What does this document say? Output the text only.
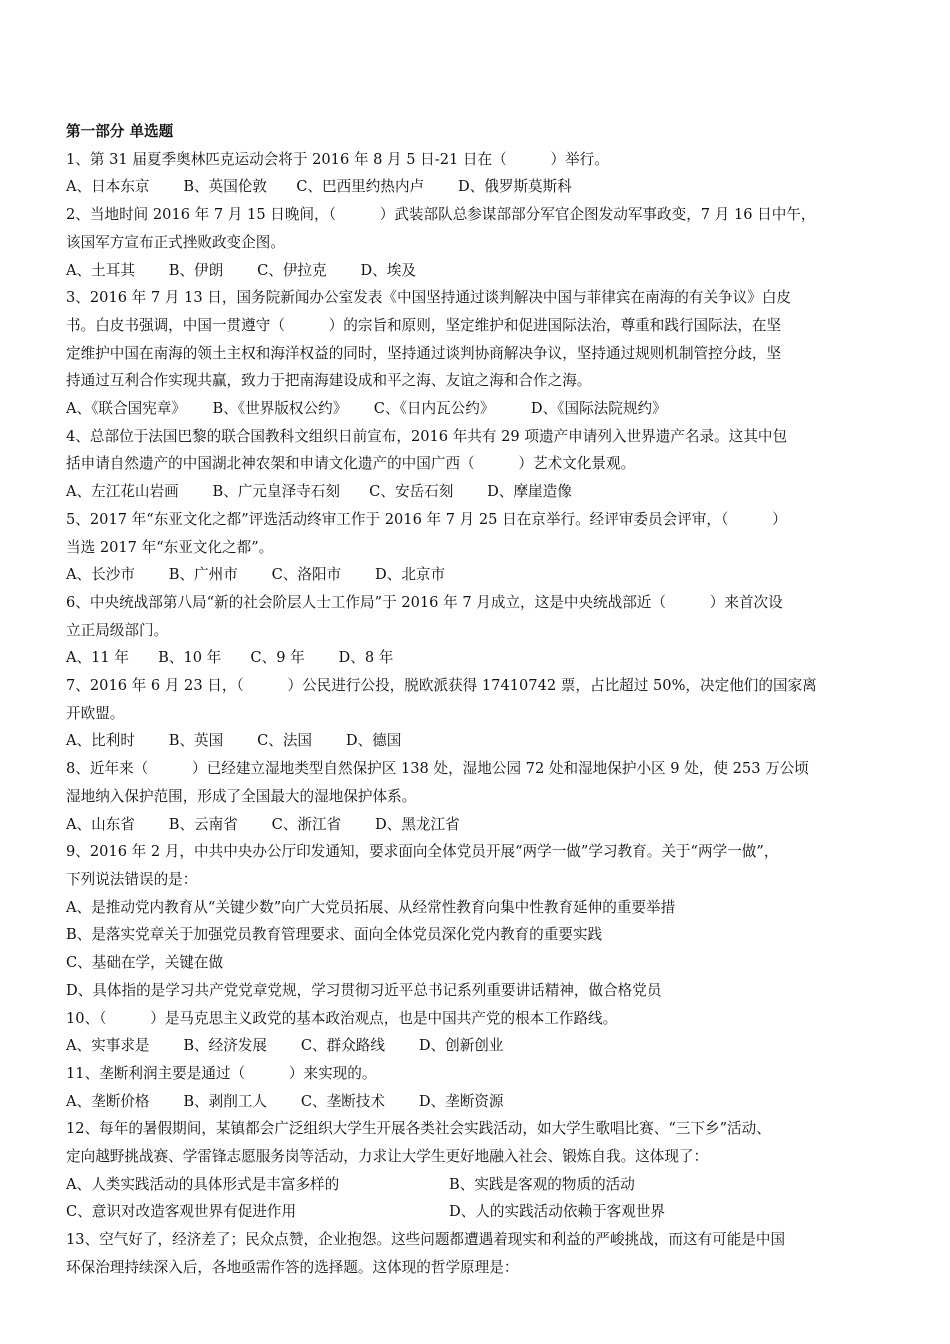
第一部分 单选题
1、第 31 届夏季奥林匹克运动会将于 2016 年 8 月 5 日-21 日在（　　　）举行。
A、日本东京　　 B、英国伦敦　　C、巴西里约热内卢　　 D、俄罗斯莫斯科
2、当地时间 2016 年 7 月 15 日晚间，（　　　）武装部队总参谋部部分军官企图发动军事政变，7 月 16 日中午，
该国军方宣布正式挫败政变企图。
A、土耳其　　 B、伊朗　　 C、伊拉克　　 D、埃及
3、2016 年 7 月 13 日，国务院新闻办公室发表《中国坚持通过谈判解决中国与菲律宾在南海的有关争议》白皮
书。白皮书强调，中国一贯遵守（　　　）的宗旨和原则，坚定维护和促进国际法治，尊重和践行国际法，在坚
定维护中国在南海的领土主权和海洋权益的同时，坚持通过谈判协商解决争议，坚持通过规则机制管控分歧，坚
持通过互利合作实现共赢，致力于把南海建设成和平之海、友谊之海和合作之海。
A、《联合国宪章》　　 B、《世界版权公约》　　 C、《日内瓦公约》　　　D、《国际法院规约》
4、总部位于法国巴黎的联合国教科文组织日前宣布，2016 年共有 29 项遗产申请列入世界遗产名录。这其中包
括申请自然遗产的中国湖北神农架和申请文化遗产的中国广西（　　　）艺术文化景观。
A、左江花山岩画　　 B、广元皇泽寺石刻　　C、安岳石刻　　 D、摩崖造像
5、2017 年“东亚文化之都”评选活动终审工作于 2016 年 7 月 25 日在京举行。经评审委员会评审，（　　　）
当选 2017 年“东亚文化之都”。
A、长沙市　　 B、广州市　　 C、洛阳市　　 D、北京市
6、中央统战部第八局“新的社会阶层人士工作局”于 2016 年 7 月成立，这是中央统战部近（　　　）来首次设
立正局级部门。
A、11 年　　B、10 年　　C、9 年　　 D、8 年
7、2016 年 6 月 23 日，（　　　）公民进行公投，脱欧派获得 17410742 票，占比超过 50%，决定他们的国家离
开欧盟。
A、比利时　　 B、英国　　 C、法国　　 D、德国
8、近年来（　　　）已经建立湿地类型自然保护区 138 处，湿地公园 72 处和湿地保护小区 9 处，使 253 万公顷
湿地纳入保护范围，形成了全国最大的湿地保护体系。
A、山东省　　 B、云南省　　 C、浙江省　　 D、黑龙江省
9、2016 年 2 月，中共中央办公厅印发通知，要求面向全体党员开展“两学一做”学习教育。关于“两学一做”，
下列说法错误的是：
A、是推动党内教育从“关键少数”向广大党员拓展、从经常性教育向集中性教育延伸的重要举措
B、是落实党章关于加强党员教育管理要求、面向全体党员深化党内教育的重要实践
C、基础在学，关键在做
D、具体指的是学习共产党党章党规，学习贯彻习近平总书记系列重要讲话精神，做合格党员
10、（　　　）是马克思主义政党的基本政治观点，也是中国共产党的根本工作路线。
A、实事求是　　 B、经济发展　　 C、群众路线　　 D、创新创业
11、垄断利润主要是通过（　　　）来实现的。
A、垄断价格　　 B、剥削工人　　 C、垄断技术　　 D、垄断资源
12、每年的暑假期间，某镇都会广泛组织大学生开展各类社会实践活动，如大学生歌唱比赛、“三下乡”活动、
定向越野挑战赛、学雷锋志愿服务岗等活动，力求让大学生更好地融入社会、锻炼自我。这体现了：
A、人类实践活动的具体形式是丰富多样的	B、实践是客观的物质的活动
C、意识对改造客观世界有促进作用	D、人的实践活动依赖于客观世界
13、空气好了，经济差了；民众点赞，企业抱怨。这些问题都遭遇着现实和利益的严峻挑战，而这有可能是中国
环保治理持续深入后，各地亟需作答的选择题。这体现的哲学原理是：
